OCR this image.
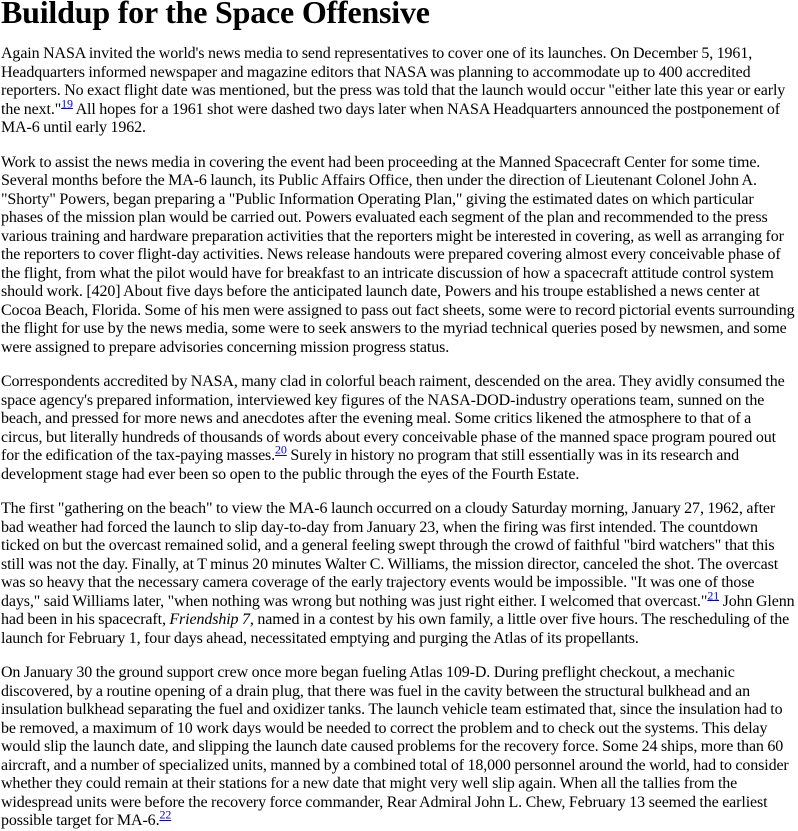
Buildup for the Space Offensive

Again NASA invited the world's news media to send representatives to cover one of its launches. On December 5, 1961, Headquarters informed newspaper and magazine editors that NASA was planning to accommodate up to 400 accredited reporters. No exact flight date was mentioned, but the press was told that the launch would occur "either late this year or early the next."$^{19}$ All hopes for a 1961 shot were dashed two days later when NASA Headquarters announced the postponement of MA-6 until early 1962.

Work to assist the news media in covering the event had been proceeding at the Manned Spacecraft Center for some time. Several months before the MA-6 launch, its Public Affairs Office, then under the direction of Lieutenant Colonel John A. "Shorty" Powers, began preparing a "Public Information Operating Plan," giving the estimated dates on which particular phases of the mission plan would be carried out. Powers evaluated each segment of the plan and recommended to the press various training and hardware preparation activities that the reporters might be interested in covering, as well as arranging for the reporters to cover flight-day activities. News release handouts were prepared covering almost every conceivable phase of the flight, from what the pilot would have for breakfast to an intricate discussion of how a spacecraft attitude control system should work. [420] About five days before the anticipated launch date, Powers and his troupe established a news center at Cocoa Beach, Florida. Some of his men were assigned to pass out fact sheets, some were to record pictorial events surrounding the flight for use by the news media, some were to seek answers to the myriad technical queries posed by newsmen, and some were assigned to prepare advisories concerning mission progress status.

Correspondents accredited by NASA, many clad in colorful beach raiment, descended on the area. They avidly consumed the space agency's prepared information, interviewed key figures of the NASA-DOD-industry operations team, sunned on the beach, and pressed for more news and anecdotes after the evening meal. Some critics likened the atmosphere to that of a circus, but literally hundreds of thousands of words about every conceivable phase of the manned space program poured out for the edification of the tax-paying masses.$^{20}$ Surely in history no program that still essentially was in its research and development stage had ever been so open to the public through the eyes of the Fourth Estate.

The first "gathering on the beach" to view the MA-6 launch occurred on a cloudy Saturday morning, January 27, 1962, after bad weather had forced the launch to slip day-to-day from January 23, when the firing was first intended. The countdown ticked on but the overcast remained solid, and a general feeling swept through the crowd of faithful "bird watchers" that this still was not the day. Finally, at T minus 20 minutes Walter C. Williams, the mission director, canceled the shot. The overcast was so heavy that the necessary camera coverage of the early trajectory events would be impossible. "It was one of those days," said Williams later, "when nothing was wrong but nothing was just right either. I welcomed that overcast."$^{21}$ John Glenn had been in his spacecraft, Friendship 7, named in a contest by his own family, a little over five hours. The rescheduling of the launch for February 1, four days ahead, necessitated emptying and purging the Atlas of its propellants.

On January 30 the ground support crew once more began fueling Atlas 109-D. During preflight checkout, a mechanic discovered, by a routine opening of a drain plug, that there was fuel in the cavity between the structural bulkhead and an insulation bulkhead separating the fuel and oxidizer tanks. The launch vehicle team estimated that, since the insulation had to be removed, a maximum of 10 work days would be needed to correct the problem and to check out the systems. This delay would slip the launch date, and slipping the launch date caused problems for the recovery force. Some 24 ships, more than 60 aircraft, and a number of specialized units, manned by a combined total of 18,000 personnel around the world, had to consider whether they could remain at their stations for a new date that might very well slip again. When all the tallies from the widespread units were before the recovery force commander, Rear Admiral John L. Chew, February 13 seemed the earliest possible target for MA-6.22
